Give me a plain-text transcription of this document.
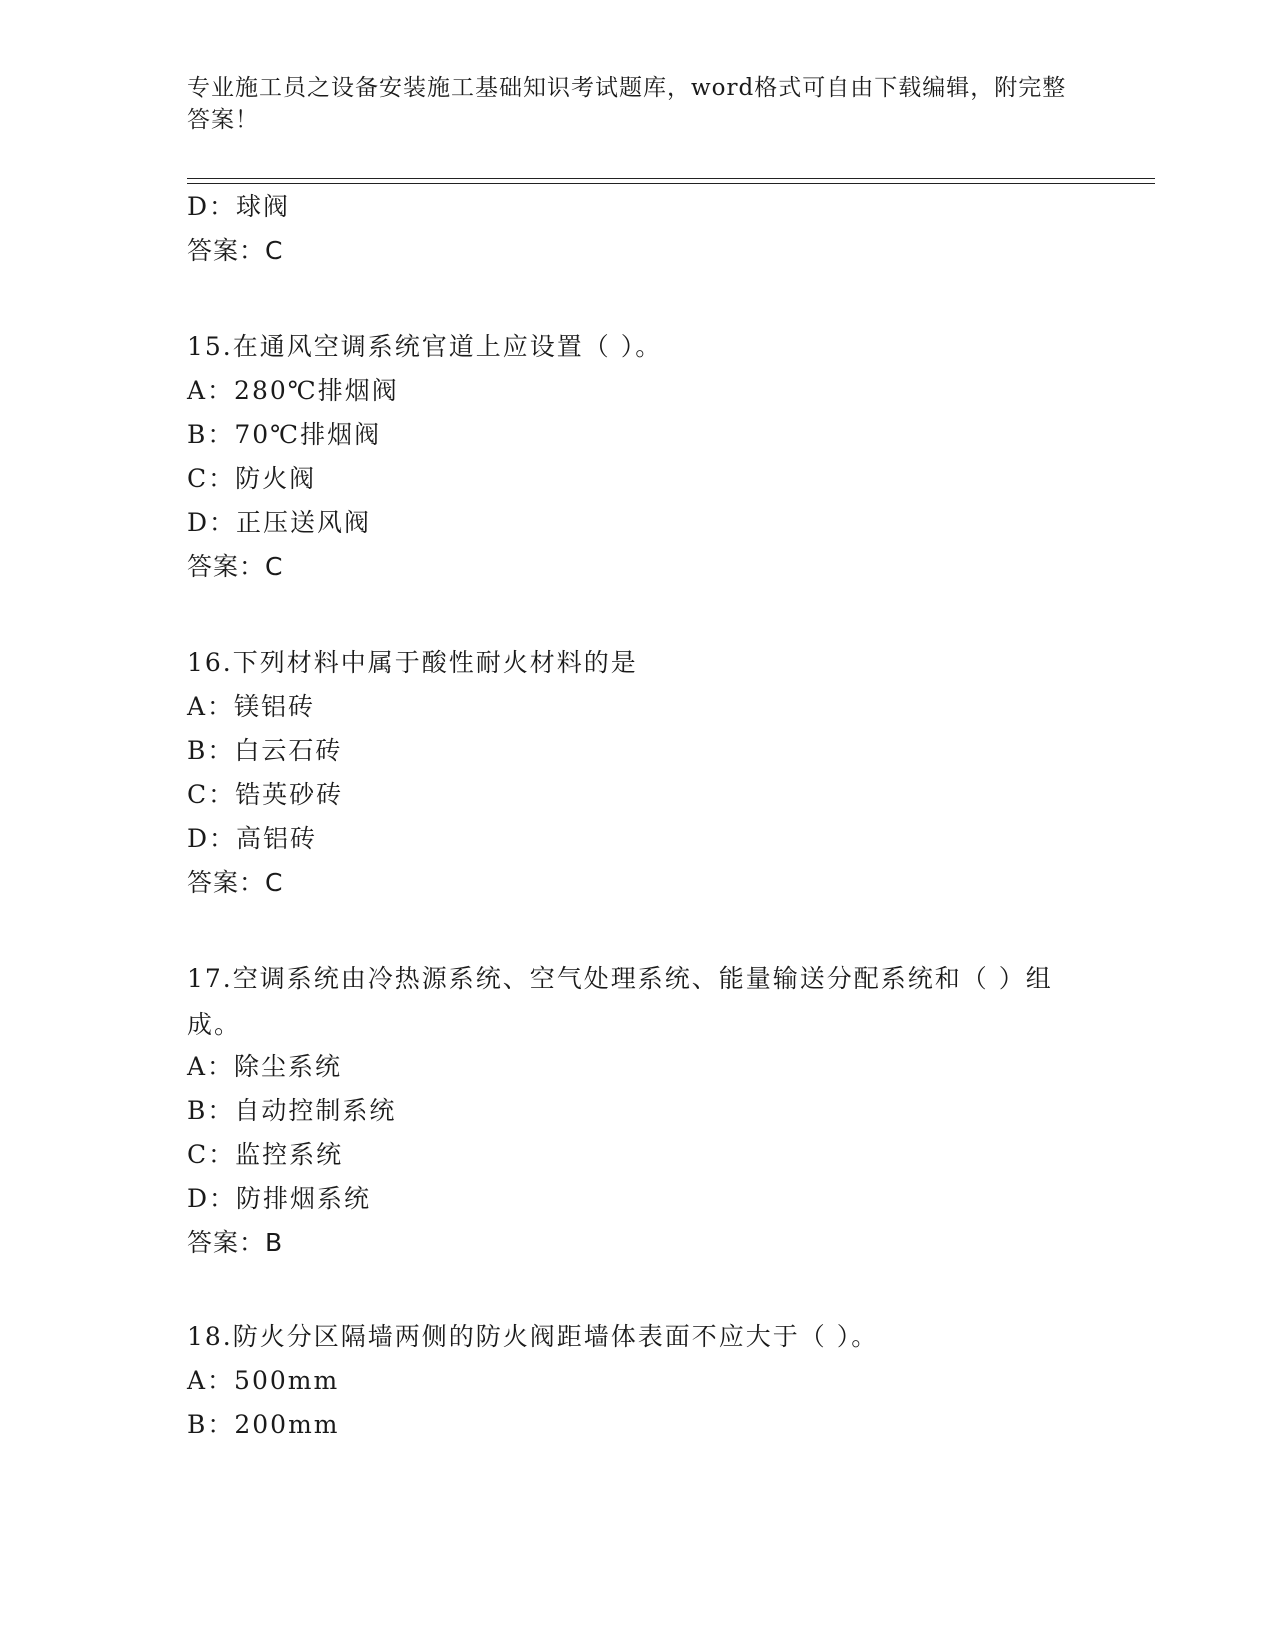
专业施工员之设备安装施工基础知识考试题库，word格式可自由下载编辑，附完整答案！
D：球阀
答案：C
15.在通风空调系统官道上应设置（ ）。
A：280℃排烟阀
B：70℃排烟阀
C：防火阀
D：正压送风阀
答案：C
16.下列材料中属于酸性耐火材料的是
A：镁铝砖
B：白云石砖
C：锆英砂砖
D：高铝砖
答案：C
17.空调系统由冷热源系统、空气处理系统、能量输送分配系统和（ ）组成。
A：除尘系统
B：自动控制系统
C：监控系统
D：防排烟系统
答案：B
18.防火分区隔墙两侧的防火阀距墙体表面不应大于（ ）。
A：500mm
B：200mm
